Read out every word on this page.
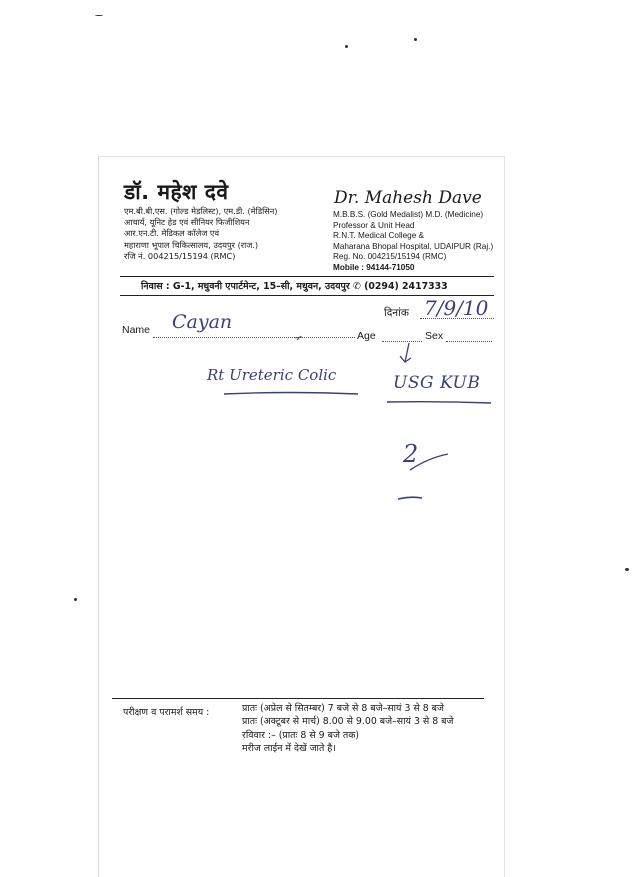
डॉ. महेश दवे
एम.बी.बी.एस. (गोल्ड मेडलिस्ट), एम.डी. (मेडिसिन)
आचार्य, यूनिट हेड एवं सीनियर फिजीशियन
आर.एन.टी. मेडिकल कॉलेज एवं
महाराणा भूपाल चिकित्सालय, उदयपुर (राज.)
रजि नं. 004215/15194 (RMC)
Dr. Mahesh Dave
M.B.B.S. (Gold Medalist) M.D. (Medicine)
Professor & Unit Head
R.N.T. Medical College &
Maharana Bhopal Hospital, UDAIPUR (Raj.)
Reg. No. 004215/15194 (RMC)
Mobile : 94144-71050
निवास : G-1, मधुवनी एपार्टमेन्ट, 15–सी, मधुवन, उदयपुर ✆ (0294) 2417333
दिनांक 7/9/10
Name Cayan
Age	Sex
Rt Ureteric Colic	USG KUB
2
परीक्षण व परामर्श समय :	प्रातः (अप्रेल से सितम्बर) 7 बजे से 8 बजे–सायं 3 से 8 बजे
प्रातः (अक्टूबर से मार्च) 8.00 से 9.00 बजे–सायं 3 से 8 बजे
रविवार :– (प्रातः 8 से 9 बजे तक)
मरीज लाईन में देखें जाते है।
